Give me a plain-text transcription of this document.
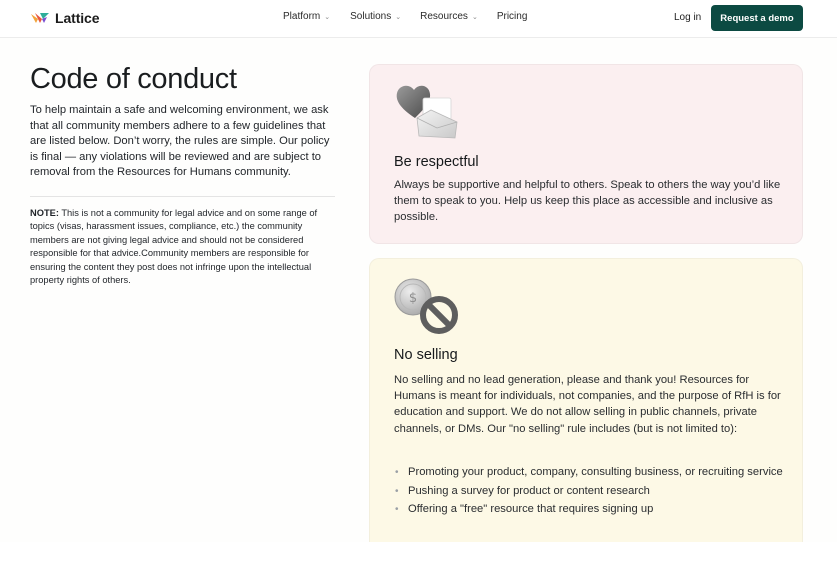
Lattice	Platform ⌄ Solutions ⌄ Resources ⌄ Pricing	Log in	Request a demo
Code of conduct

To help maintain a safe and welcoming environment, we ask that all community members adhere to a few guidelines that are listed below. Don’t worry, the rules are simple. Our policy is final — any violations will be reviewed and are subject to removal from the Resources for Humans community.

NOTE: This is not a community for legal advice and on some range of topics (visas, harassment issues, compliance, etc.) the community members are not giving legal advice and should not be considered responsible for that advice.Community members are responsible for ensuring the content they post does not infringe upon the intellectual property rights of others.

Be respectful

Always be supportive and helpful to others. Speak to others the way you’d like them to speak to you. Help us keep this place as accessible and inclusive as possible.

$
No selling

No selling and no lead generation, please and thank you! Resources for Humans is meant for individuals, not companies, and the purpose of RfH is for education and support. We do not allow selling in public channels, private channels, or DMs. Our "no selling" rule includes (but is not limited to):

• Promoting your product, company, consulting business, or recruiting service
• Pushing a survey for product or content research
• Offering a "free" resource that requires signing up
